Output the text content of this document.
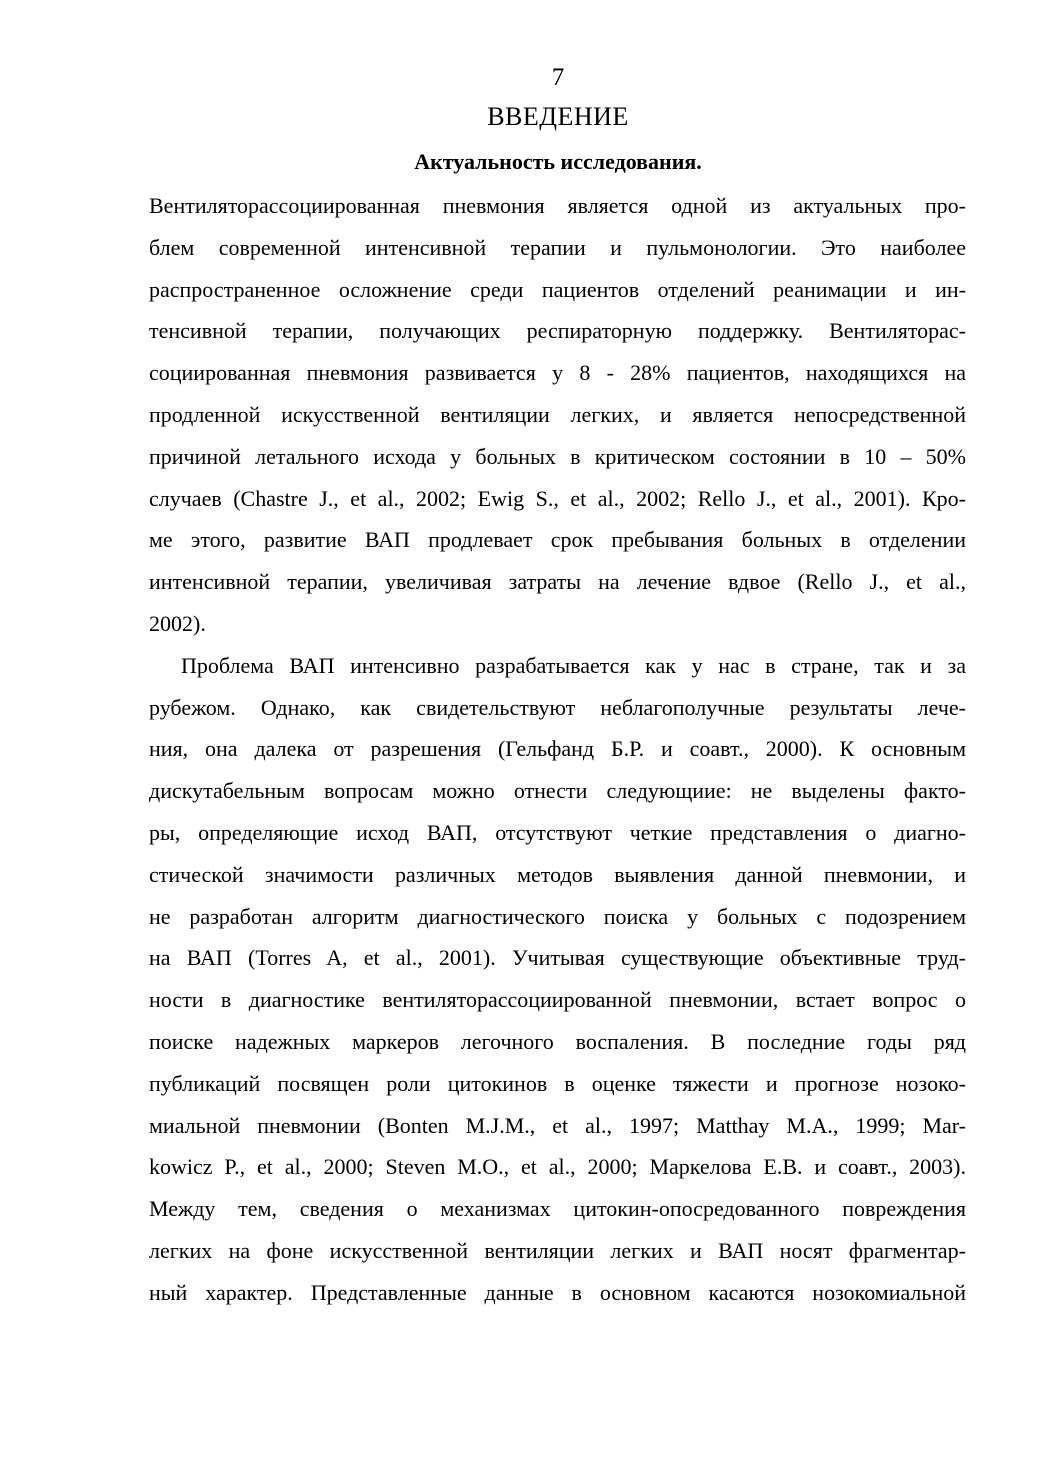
7
ВВЕДЕНИЕ
Актуальность исследования.
Вентиляторассоциированная пневмония является одной из актуальных про-
блем современной интенсивной терапии и пульмонологии. Это наиболее
распространенное осложнение среди пациентов отделений реанимации и ин-
тенсивной терапии, получающих респираторную поддержку. Вентиляторас-
социированная пневмония развивается у 8 - 28% пациентов, находящихся на
продленной искусственной вентиляции легких, и является непосредственной
причиной летального исхода у больных в критическом состоянии в 10 – 50%
случаев (Chastre J., et al., 2002; Ewig S., et al., 2002; Rello J., et al., 2001). Кро-
ме этого, развитие ВАП продлевает срок пребывания больных в отделении
интенсивной терапии, увеличивая затраты на лечение вдвое (Rello J., et al.,
2002).
Проблема ВАП интенсивно разрабатывается как у нас в стране, так и за
рубежом. Однако, как свидетельствуют неблагополучные результаты лече-
ния, она далека от разрешения (Гельфанд Б.Р. и соавт., 2000). К основным
дискутабельным вопросам можно отнести следующиие: не выделены факто-
ры, определяющие исход ВАП, отсутствуют четкие представления о диагно-
стической значимости различных методов выявления данной пневмонии, и
не разработан алгоритм диагностического поиска у больных с подозрением
на ВАП (Torres A, et al., 2001). Учитывая существующие объективные труд-
ности в диагностике вентиляторассоциированной пневмонии, встает вопрос о
поиске надежных маркеров легочного воспаления. В последние годы ряд
публикаций посвящен роли цитокинов в оценке тяжести и прогнозе нозоко-
миальной пневмонии (Bonten M.J.M., et al., 1997; Matthay M.A., 1999; Mar-
kowicz P., et al., 2000; Steven M.O., et al., 2000; Маркелова Е.В. и соавт., 2003).
Между тем, сведения о механизмах цитокин-опосредованного повреждения
легких на фоне искусственной вентиляции легких и ВАП носят фрагментар-
ный характер. Представленные данные в основном касаются нозокомиальной
